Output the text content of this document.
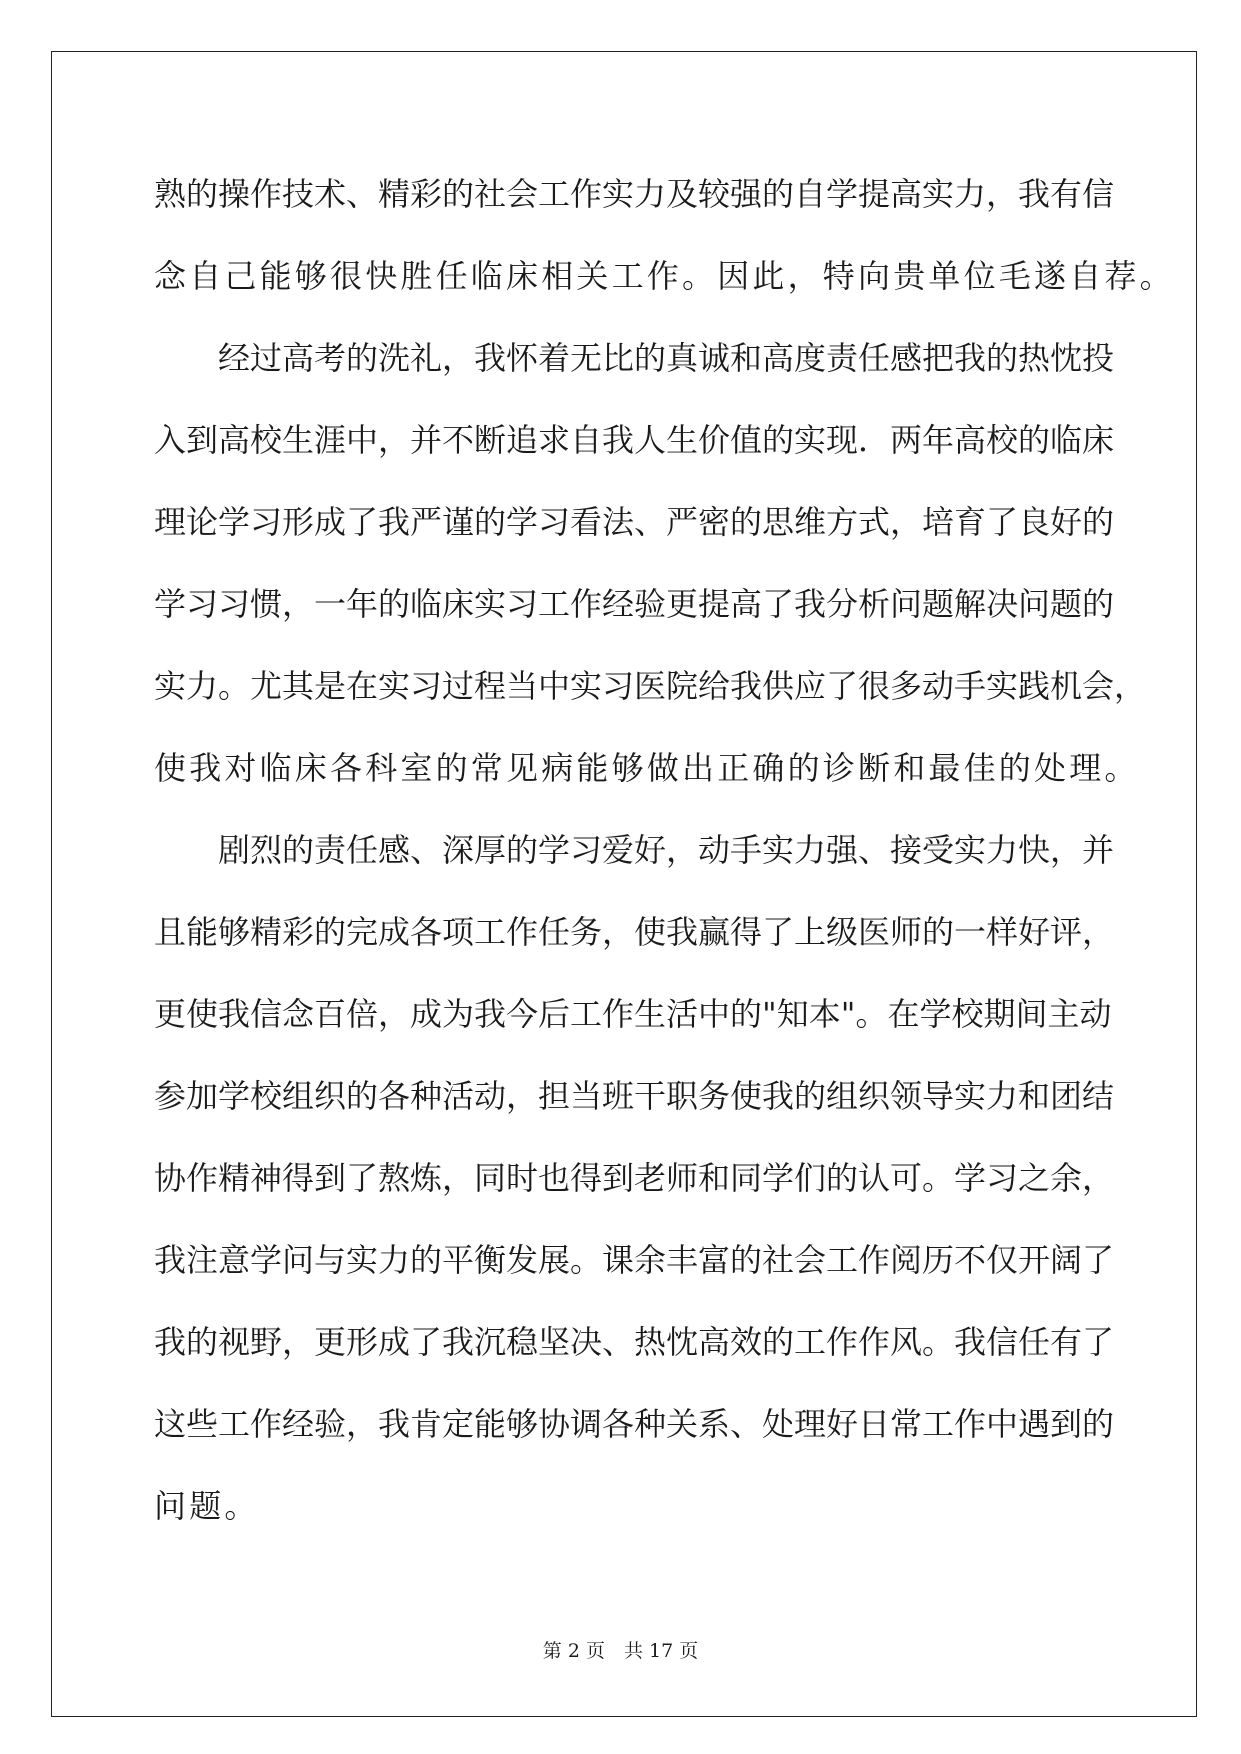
熟的操作技术、精彩的社会工作实力及较强的自学提高实力，我有信
念自己能够很快胜任临床相关工作。因此，特向贵单位毛遂自荐。
经过高考的洗礼，我怀着无比的真诚和高度责任感把我的热忱投
入到高校生涯中，并不断追求自我人生价值的实现．两年高校的临床
理论学习形成了我严谨的学习看法、严密的思维方式，培育了良好的
学习习惯，一年的临床实习工作经验更提高了我分析问题解决问题的
实力。尤其是在实习过程当中实习医院给我供应了很多动手实践机会，
使我对临床各科室的常见病能够做出正确的诊断和最佳的处理。
剧烈的责任感、深厚的学习爱好，动手实力强、接受实力快，并
且能够精彩的完成各项工作任务，使我赢得了上级医师的一样好评，
更使我信念百倍，成为我今后工作生活中的"知本"。在学校期间主动
参加学校组织的各种活动，担当班干职务使我的组织领导实力和团结
协作精神得到了熬炼，同时也得到老师和同学们的认可。学习之余，
我注意学问与实力的平衡发展。课余丰富的社会工作阅历不仅开阔了
我的视野，更形成了我沉稳坚决、热忱高效的工作作风。我信任有了
这些工作经验，我肯定能够协调各种关系、处理好日常工作中遇到的
问题。
第 2 页　共 17 页
